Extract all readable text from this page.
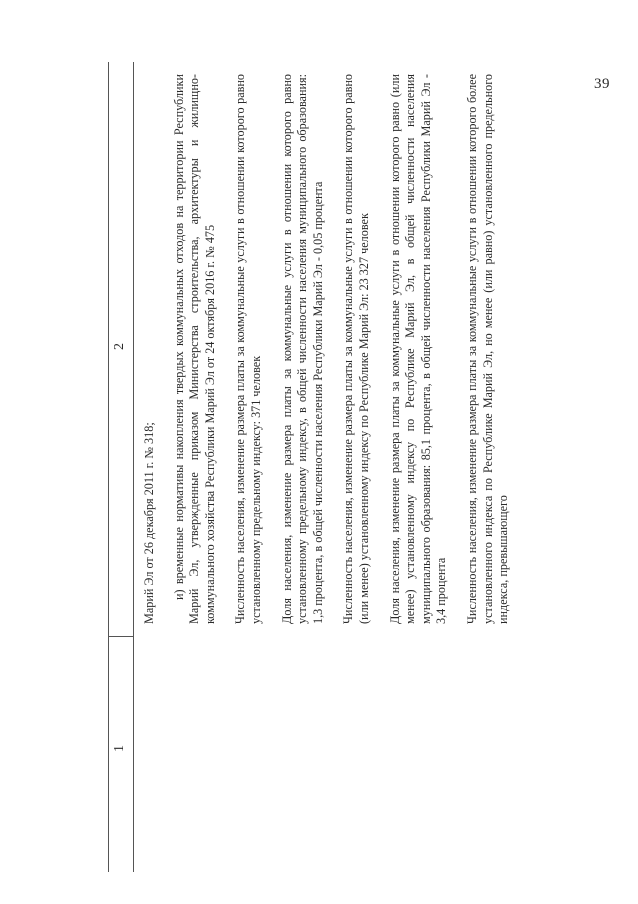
39
1
2

Марий Эл от 26 декабря 2011 г. № 318; и) временные нормативы накопления твердых коммунальных отходов на территории Республики Марий Эл, утвержденные приказом Министерства строительства, архитектуры и жилищно-коммунального хозяйства Республики Марий Эл от 24 октября 2016 г. № 475 Численность населения, изменение размера платы за коммунальные услуги в отношении которого равно установленному предельному индексу: 371 человек Доля населения, изменение размера платы за коммунальные услуги в отношении которого равно установленному предельному индексу, в общей численности населения муниципального образования: 1,3 процента, в общей численности населения Республики Марий Эл - 0,05 процента Численность населения, изменение размера платы за коммунальные услуги в отношении которого равно (или менее) установленному индексу по Республике Марий Эл: 23 327 человек Доля населения, изменение размера платы за коммунальные услуги в отношении которого равно (или менее) установленному индексу по Республике Марий Эл, в общей численности населения муниципального образования: 85,1 процента, в общей численности населения Республики Марий Эл - 3,4 процента Численность населения, изменение размера платы за коммунальные услуги в отношении которого более установленного индекса по Республике Марий Эл, но менее (или равно) установленного предельного индекса, превышающего
